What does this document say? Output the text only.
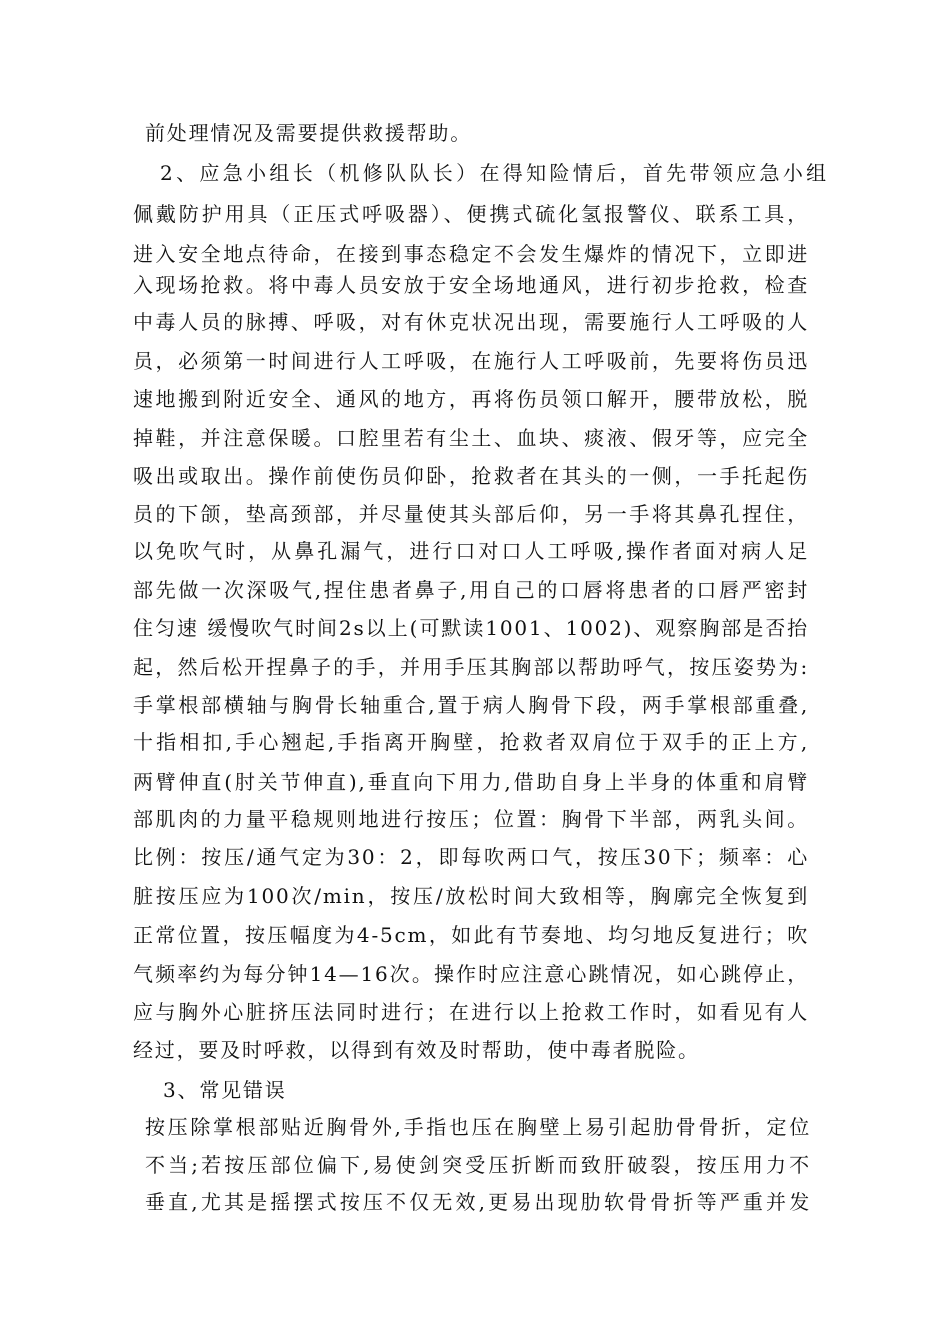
前处理情况及需要提供救援帮助。
2、应急小组长（机修队队长）在得知险情后，首先带领应急小组
佩戴防护用具（正压式呼吸器）、便携式硫化氢报警仪、联系工具，
进入安全地点待命，在接到事态稳定不会发生爆炸的情况下，立即进
入现场抢救。将中毒人员安放于安全场地通风，进行初步抢救，检查
中毒人员的脉搏、呼吸，对有休克状况出现，需要施行人工呼吸的人
员，必须第一时间进行人工呼吸，在施行人工呼吸前，先要将伤员迅
速地搬到附近安全、通风的地方，再将伤员领口解开，腰带放松，脱
掉鞋，并注意保暖。口腔里若有尘土、血块、痰液、假牙等，应完全
吸出或取出。操作前使伤员仰卧，抢救者在其头的一侧，一手托起伤
员的下颌，垫高颈部，并尽量使其头部后仰，另一手将其鼻孔捏住，
以免吹气时，从鼻孔漏气，进行口对口人工呼吸,操作者面对病人足
部先做一次深吸气,捏住患者鼻子,用自己的口唇将患者的口唇严密封
住匀速 缓慢吹气时间2s以上(可默读1001、1002)、观察胸部是否抬
起，然后松开捏鼻子的手，并用手压其胸部以帮助呼气，按压姿势为:
手掌根部横轴与胸骨长轴重合,置于病人胸骨下段，两手掌根部重叠,
十指相扣,手心翘起,手指离开胸壁，抢救者双肩位于双手的正上方,
两臂伸直(肘关节伸直),垂直向下用力,借助自身上半身的体重和肩臂
部肌肉的力量平稳规则地进行按压；位置：胸骨下半部，两乳头间。
比例：按压/通气定为30：2，即每吹两口气，按压30下；频率：心
脏按压应为100次/min，按压/放松时间大致相等，胸廓完全恢复到
正常位置，按压幅度为4-5cm，如此有节奏地、均匀地反复进行；吹
气频率约为每分钟14—16次。操作时应注意心跳情况，如心跳停止，
应与胸外心脏挤压法同时进行；在进行以上抢救工作时，如看见有人
经过，要及时呼救，以得到有效及时帮助，使中毒者脱险。
3、常见错误
按压除掌根部贴近胸骨外,手指也压在胸壁上易引起肋骨骨折，定位
不当;若按压部位偏下,易使剑突受压折断而致肝破裂，按压用力不
垂直,尤其是摇摆式按压不仅无效,更易出现肋软骨骨折等严重并发
